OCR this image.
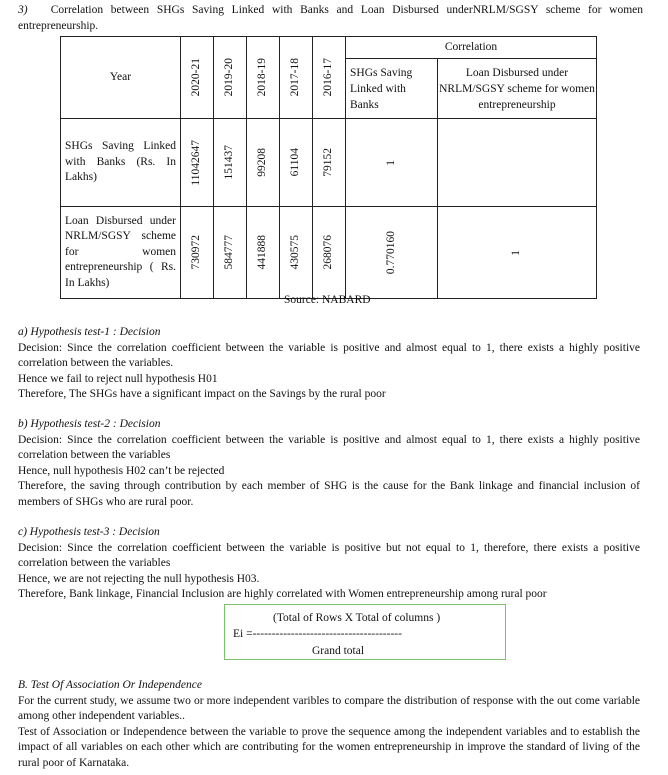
3) Correlation between SHGs Saving Linked with Banks and Loan Disbursed underNRLM/SGSY scheme for women entrepreneurship.
Year	2020-21	2019-20	2018-19	2017-18	2016-17	Correlation	
						SHGs Saving Linked with Banks	Loan Disbursed under NRLM/SGSY scheme for women entrepreneurship
SHGs Saving Linked with Banks (Rs. In Lakhs)	11042647	151437	99208	61104	79152	1	

Loan Disbursed under NRLM/SGSY scheme for women entrepreneurship ( Rs. In Lakhs)	730972	584777	441888	430575	268076	0.770160	1
Source: NABARD

a) Hypothesis test-1 : Decision

Decision: Since the correlation coefficient between the variable is positive and almost equal to 1, there exists a highly positive correlation between the variables.

Hence we fail to reject null hypothesis H01

Therefore, The SHGs have a significant impact on the Savings by the rural poor

b) Hypothesis test-2 : Decision

Decision: Since the correlation coefficient between the variable is positive and almost equal to 1, there exists a highly positive correlation between the variables

Hence, null hypothesis H02 can’t be rejected

Therefore, the saving through contribution by each member of SHG is the cause for the Bank linkage and financial inclusion of members of SHGs who are rural poor.

c) Hypothesis test-3 : Decision

Decision: Since the correlation coefficient between the variable is positive but not equal to 1, therefore, there exists a positive correlation between the variables

Hence, we are not rejecting the null hypothesis H03.

Therefore, Bank linkage, Financial Inclusion are highly correlated with Women entrepreneurship among rural poor

(Total of Rows X Total of columns )
Ei =---------------------------------------
Grand total

B. Test Of Association Or Independence

For the current study, we assume two or more independent varibles to compare the distribution of response with the out come variable among other independent variables..

Test of Association or Independence between the variable to prove the sequence among the independent variables and to establish the impact of all variables on each other which are contributing for the women entrepreneurship in improve the standard of living of the rural poor of Karnataka.
